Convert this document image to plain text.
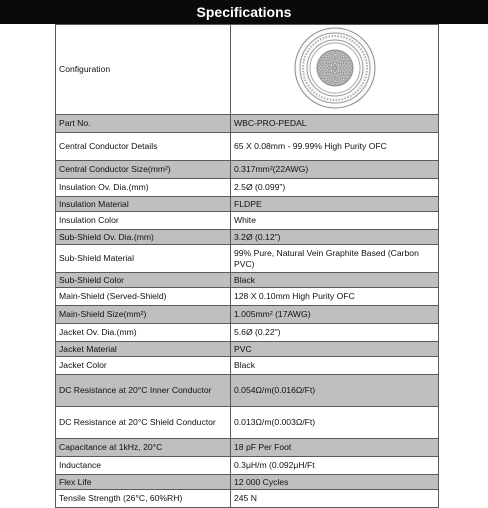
Specifications
Configuration	
Part No.	WBC-PRO-PEDAL
Central Conductor Details	65 X 0.08mm - 99.99% High Purity OFC
Central Conductor Size(mm²)	0.317mm²(22AWG)
Insulation Ov. Dia.(mm)	2.5Ø (0.099")
Insulation Material	FLDPE
Insulation Color	White
Sub-Shield Ov. Dia.(mm)	3.2Ø (0.12")
Sub-Shield Material	99% Pure, Natural Vein Graphite Based (Carbon PVC)
Sub-Shield Color	Black
Main-Shield (Served-Shield)	128 X 0.10mm High Purity OFC
Main-Shield Size(mm²)	1.005mm² (17AWG)
Jacket Ov. Dia.(mm)	5.6Ø (0.22")
Jacket Material	PVC
Jacket Color	Black
DC Resistance at 20°C Inner Conductor	0.054Ω/m(0.016Ω/Ft)
DC Resistance at 20°C Shield Conductor	0.013Ω/m(0.003Ω/Ft)
Capacitance at 1kHz, 20°C	18 pF Per Foot
Inductance	0.3μH/m (0.092μH/Ft
Flex Life	12 000 Cycles
Tensile Strength (26°C, 60%RH)	245 N
